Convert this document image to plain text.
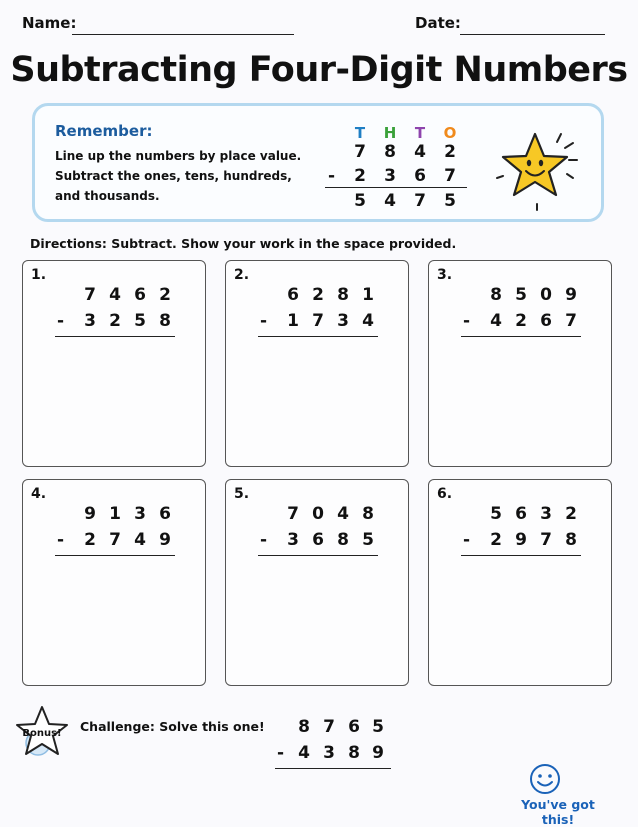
Name:	Date:
Subtracting Four-Digit Numbers
Remember:
Line up the numbers by place value.
Subtract the ones, tens, hundreds,
and thousands.
T	H	T	O
7 8 4 2
- 2 3 6 7
5 4 7 5
Directions: Subtract. Show your work in the space provided.
1.
7 4 6 2
- 3 2 5 8
2.
6 2 8 1
- 1 7 3 4
3.
8 5 0 9
- 4 2 6 7
4.
9 1 3 6
- 2 7 4 9
5.
7 0 4 8
- 3 6 8 5
6.
5 6 3 2
- 2 9 7 8
Bonus! Challenge: Solve this one! 8 7 6 5
- 4 3 8 9
You've got this!
